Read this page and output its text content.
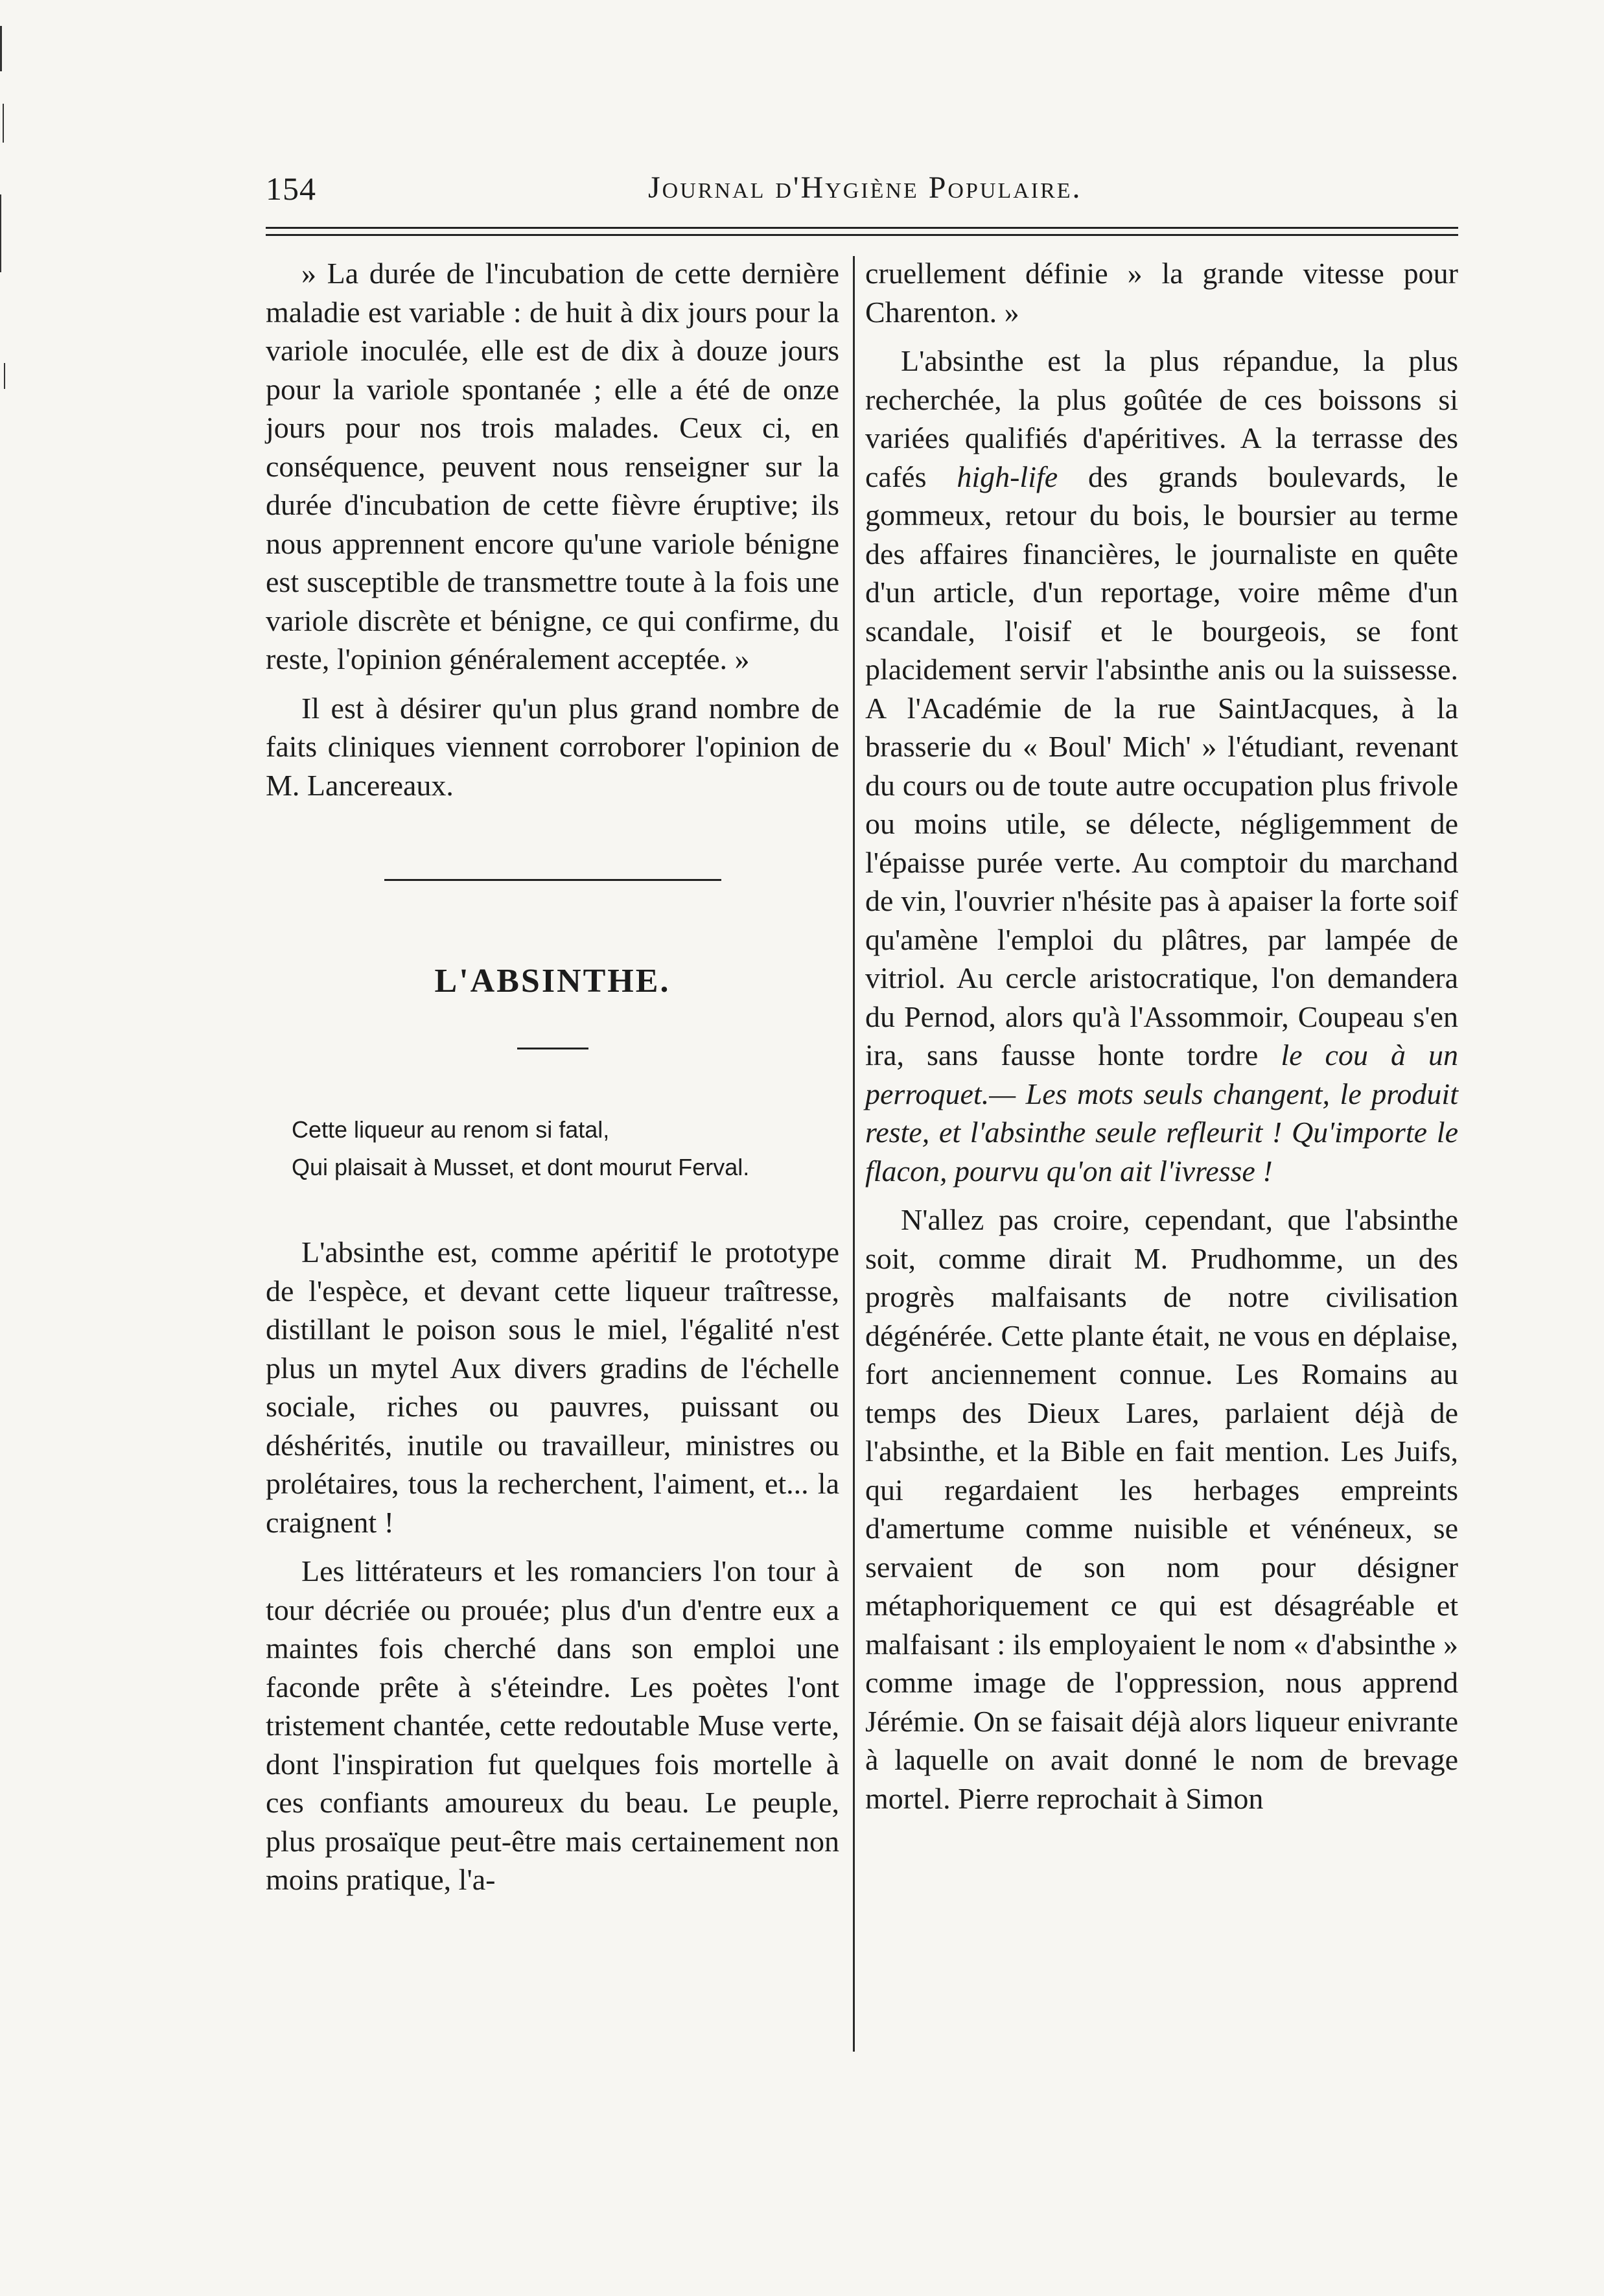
154	Journal d'Hygiène Populaire.

» La durée de l'incubation de cette dernière maladie est variable : de huit à dix jours pour la variole inoculée, elle est de dix à douze jours pour la variole spontanée ; elle a été de onze jours pour nos trois malades. Ceux ci, en conséquence, peuvent nous renseigner sur la durée d'incubation de cette fièvre éruptive; ils nous apprennent encore qu'une variole bénigne est susceptible de transmettre toute à la fois une variole discrète et bénigne, ce qui confirme, du reste, l'opinion généralement acceptée. »

Il est à désirer qu'un plus grand nombre de faits cliniques viennent corroborer l'opinion de M. Lancereaux.

L'ABSINTHE.
Cette liqueur au renom si fatal,
Qui plaisait à Musset, et dont mourut Ferval.

L'absinthe est, comme apéritif le prototype de l'espèce, et devant cette liqueur traîtresse, distillant le poison sous le miel, l'égalité n'est plus un mytel Aux divers gradins de l'échelle sociale, riches ou pauvres, puissant ou déshérités, inutile ou travailleur, ministres ou prolétaires, tous la recherchent, l'aiment, et... la craignent !

Les littérateurs et les romanciers l'on tour à tour décriée ou prouée; plus d'un d'entre eux a maintes fois cherché dans son emploi une faconde prête à s'éteindre. Les poètes l'ont tristement chantée, cette redoutable Muse verte, dont l'inspiration fut quelques fois mortelle à ces confiants amoureux du beau. Le peuple, plus prosaïque peut-être mais certainement non moins pratique, l'a-

cruellement définie » la grande vitesse pour Charenton. »

L'absinthe est la plus répandue, la plus recherchée, la plus goûtée de ces boissons si variées qualifiés d'apéritives. A la terrasse des cafés high-life des grands boulevards, le gommeux, retour du bois, le boursier au terme des affaires financières, le journaliste en quête d'un article, d'un reportage, voire même d'un scandale, l'oisif et le bourgeois, se font placidement servir l'absinthe anis ou la suissesse. A l'Académie de la rue SaintJacques, à la brasserie du « Boul' Mich' » l'étudiant, revenant du cours ou de toute autre occupation plus frivole ou moins utile, se délecte, négligemment de l'épaisse purée verte. Au comptoir du marchand de vin, l'ouvrier n'hésite pas à apaiser la forte soif qu'amène l'emploi du plâtres, par lampée de vitriol. Au cercle aristocratique, l'on demandera du Pernod, alors qu'à l'Assommoir, Coupeau s'en ira, sans fausse honte tordre le cou à un perroquet.— Les mots seuls changent, le produit reste, et l'absinthe seule refleurit ! Qu'importe le flacon, pourvu qu'on ait l'ivresse !

N'allez pas croire, cependant, que l'absinthe soit, comme dirait M. Prudhomme, un des progrès malfaisants de notre civilisation dégénérée. Cette plante était, ne vous en déplaise, fort anciennement connue. Les Romains au temps des Dieux Lares, parlaient déjà de l'absinthe, et la Bible en fait mention. Les Juifs, qui regardaient les herbages empreints d'amertume comme nuisible et vénéneux, se servaient de son nom pour désigner métaphoriquement ce qui est désagréable et malfaisant : ils employaient le nom « d'absinthe » comme image de l'oppression, nous apprend Jérémie. On se faisait déjà alors liqueur enivrante à laquelle on avait donné le nom de brevage mortel. Pierre reprochait à Simon
